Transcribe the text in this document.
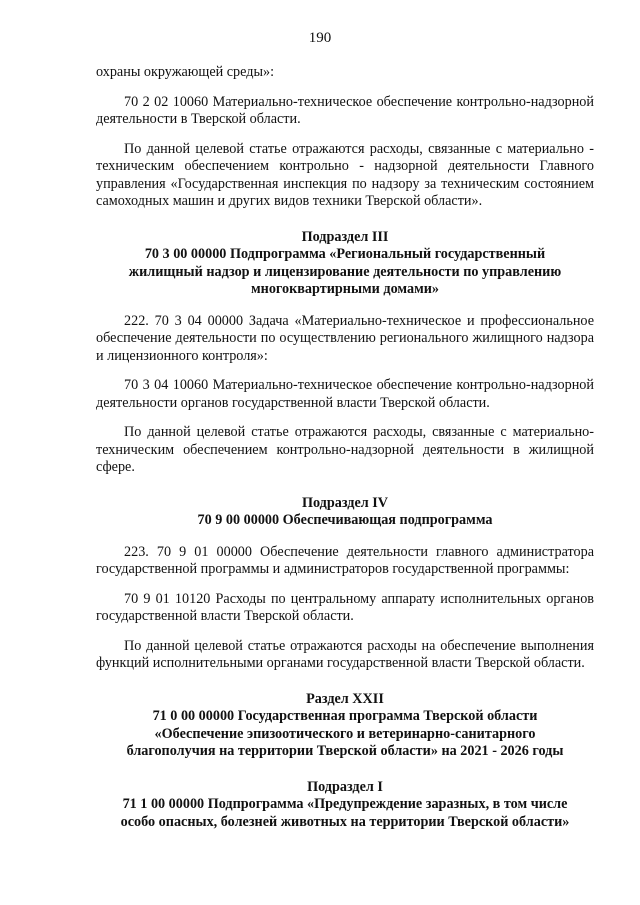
190

охраны окружающей среды»:

70 2 02 10060 Материально-техническое обеспечение контрольно-надзорной деятельности в Тверской области.

По данной целевой статье отражаются расходы, связанные с материально - техническим обеспечением контрольно - надзорной деятельности Главного управления «Государственная инспекция по надзору за техническим состоянием самоходных машин и других видов техники Тверской области».

Подраздел III
70 3 00 00000 Подпрограмма «Региональный государственный
жилищный надзор и лицензирование деятельности по управлению
многоквартирными домами»

222. 70 3 04 00000 Задача «Материально-техническое и профессиональное обеспечение деятельности по осуществлению регионального жилищного надзора и лицензионного контроля»:

70 3 04 10060 Материально-техническое обеспечение контрольно-надзорной деятельности органов государственной власти Тверской области.

По данной целевой статье отражаются расходы, связанные с материально-техническим обеспечением контрольно-надзорной деятельности в жилищной сфере.

Подраздел IV
70 9 00 00000 Обеспечивающая подпрограмма

223. 70 9 01 00000 Обеспечение деятельности главного администратора государственной программы и администраторов государственной программы:

70 9 01 10120 Расходы по центральному аппарату исполнительных органов государственной власти Тверской области.

По данной целевой статье отражаются расходы на обеспечение выполнения функций исполнительными органами государственной власти Тверской области.

Раздел XXII
71 0 00 00000 Государственная программа Тверской области
«Обеспечение эпизоотического и ветеринарно-санитарного
благополучия на территории Тверской области» на 2021 - 2026 годы
Подраздел I
71 1 00 00000 Подпрограмма «Предупреждение заразных, в том числе
особо опасных, болезней животных на территории Тверской области»
